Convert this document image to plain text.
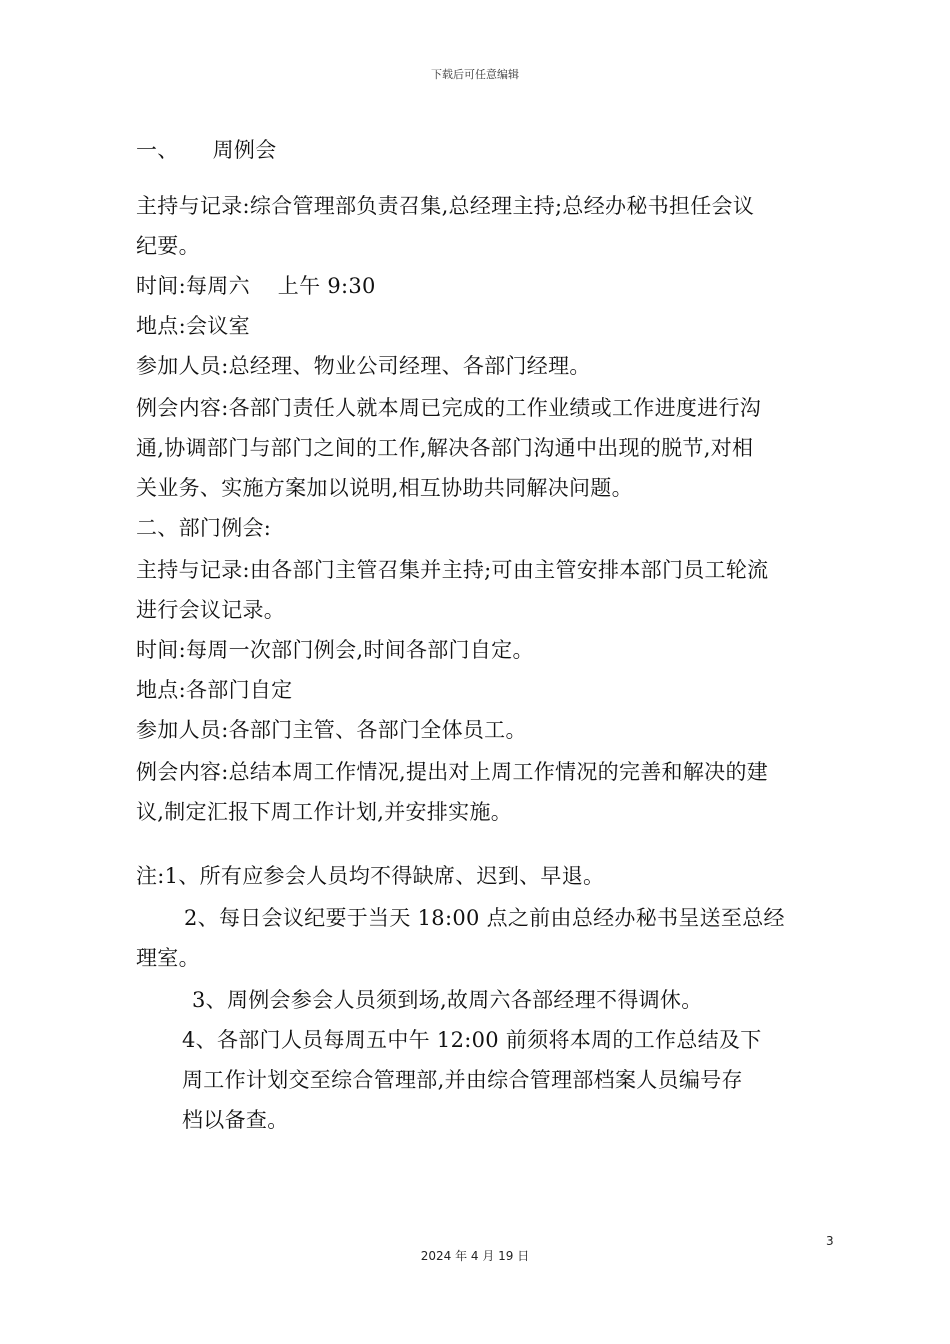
下载后可任意编辑
一、 周例会
主持与记录:综合管理部负责召集,总经理主持;总经办秘书担任会议
纪要。
时间:每周六    上午 9:30
地点:会议室
参加人员:总经理、物业公司经理、各部门经理。
例会内容:各部门责任人就本周已完成的工作业绩或工作进度进行沟
通,协调部门与部门之间的工作,解决各部门沟通中出现的脱节,对相
关业务、实施方案加以说明,相互协助共同解决问题。
二、部门例会:
主持与记录:由各部门主管召集并主持;可由主管安排本部门员工轮流
进行会议记录。
时间:每周一次部门例会,时间各部门自定。
地点:各部门自定
参加人员:各部门主管、各部门全体员工。
例会内容:总结本周工作情况,提出对上周工作情况的完善和解决的建
议,制定汇报下周工作计划,并安排实施。
注:1、所有应参会人员均不得缺席、迟到、早退。
2、每日会议纪要于当天 18:00 点之前由总经办秘书呈送至总经
理室。
3、周例会参会人员须到场,故周六各部经理不得调休。
4、各部门人员每周五中午 12:00 前须将本周的工作总结及下
周工作计划交至综合管理部,并由综合管理部档案人员编号存
档以备查。
3
2024 年 4 月 19 日
